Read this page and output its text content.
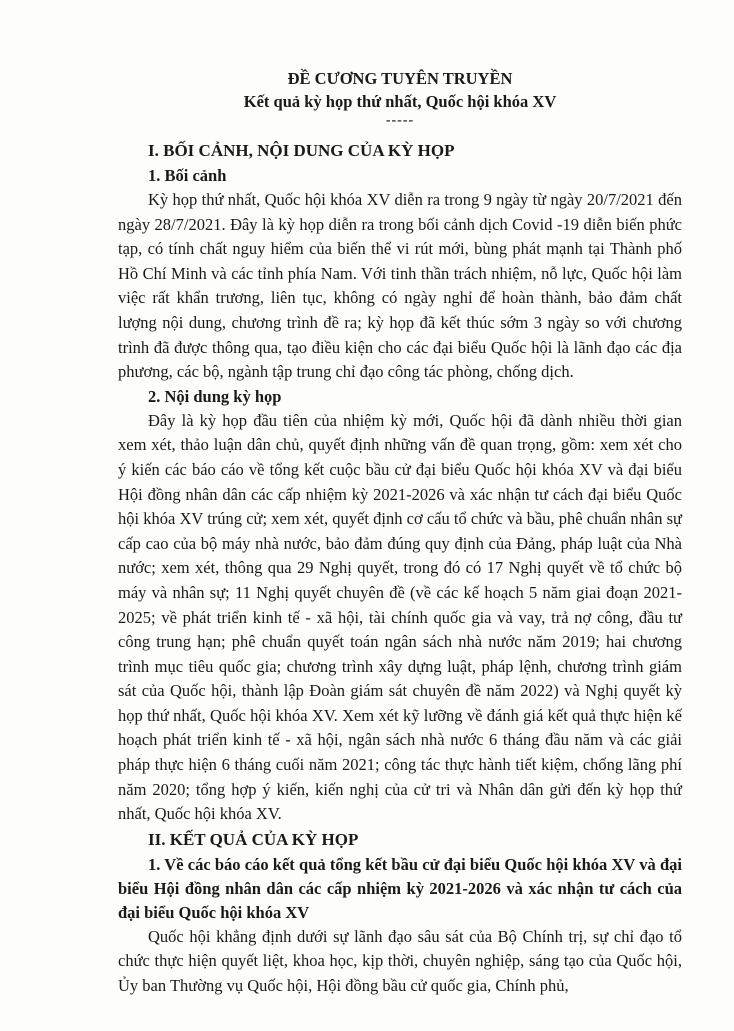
ĐỀ CƯƠNG TUYÊN TRUYỀN
Kết quả kỳ họp thứ nhất, Quốc hội khóa XV
-----
I. BỐI CẢNH, NỘI DUNG CỦA KỲ HỌP
1. Bối cảnh

Kỳ họp thứ nhất, Quốc hội khóa XV diễn ra trong 9 ngày từ ngày 20/7/2021 đến ngày 28/7/2021. Đây là kỳ họp diễn ra trong bối cảnh dịch Covid -19 diễn biến phức tạp, có tính chất nguy hiểm của biến thể vi rút mới, bùng phát mạnh tại Thành phố Hồ Chí Minh và các tỉnh phía Nam. Với tinh thần trách nhiệm, nỗ lực, Quốc hội làm việc rất khẩn trương, liên tục, không có ngày nghỉ để hoàn thành, bảo đảm chất lượng nội dung, chương trình đề ra; kỳ họp đã kết thúc sớm 3 ngày so với chương trình đã được thông qua, tạo điều kiện cho các đại biểu Quốc hội là lãnh đạo các địa phương, các bộ, ngành tập trung chỉ đạo công tác phòng, chống dịch.

2. Nội dung kỳ họp

Đây là kỳ họp đầu tiên của nhiệm kỳ mới, Quốc hội đã dành nhiều thời gian xem xét, thảo luận dân chủ, quyết định những vấn đề quan trọng, gồm: xem xét cho ý kiến các báo cáo về tổng kết cuộc bầu cử đại biểu Quốc hội khóa XV và đại biểu Hội đồng nhân dân các cấp nhiệm kỳ 2021-2026 và xác nhận tư cách đại biểu Quốc hội khóa XV trúng cử; xem xét, quyết định cơ cấu tổ chức và bầu, phê chuẩn nhân sự cấp cao của bộ máy nhà nước, bảo đảm đúng quy định của Đảng, pháp luật của Nhà nước; xem xét, thông qua 29 Nghị quyết, trong đó có 17 Nghị quyết về tổ chức bộ máy và nhân sự; 11 Nghị quyết chuyên đề (về các kế hoạch 5 năm giai đoạn 2021-2025; về phát triển kinh tế - xã hội, tài chính quốc gia và vay, trả nợ công, đầu tư công trung hạn; phê chuẩn quyết toán ngân sách nhà nước năm 2019; hai chương trình mục tiêu quốc gia; chương trình xây dựng luật, pháp lệnh, chương trình giám sát của Quốc hội, thành lập Đoàn giám sát chuyên đề năm 2022) và Nghị quyết kỳ họp thứ nhất, Quốc hội khóa XV. Xem xét kỹ lưỡng về đánh giá kết quả thực hiện kế hoạch phát triển kinh tế - xã hội, ngân sách nhà nước 6 tháng đầu năm và các giải pháp thực hiện 6 tháng cuối năm 2021; công tác thực hành tiết kiệm, chống lãng phí năm 2020; tổng hợp ý kiến, kiến nghị của cử tri và Nhân dân gửi đến kỳ họp thứ nhất, Quốc hội khóa XV.

II. KẾT QUẢ CỦA KỲ HỌP

1. Về các báo cáo kết quả tổng kết bầu cử đại biểu Quốc hội khóa XV và đại biểu Hội đồng nhân dân các cấp nhiệm kỳ 2021-2026 và xác nhận tư cách của đại biểu Quốc hội khóa XV

Quốc hội khẳng định dưới sự lãnh đạo sâu sát của Bộ Chính trị, sự chỉ đạo tổ chức thực hiện quyết liệt, khoa học, kịp thời, chuyên nghiệp, sáng tạo của Quốc hội, Ủy ban Thường vụ Quốc hội, Hội đồng bầu cử quốc gia, Chính phủ,
